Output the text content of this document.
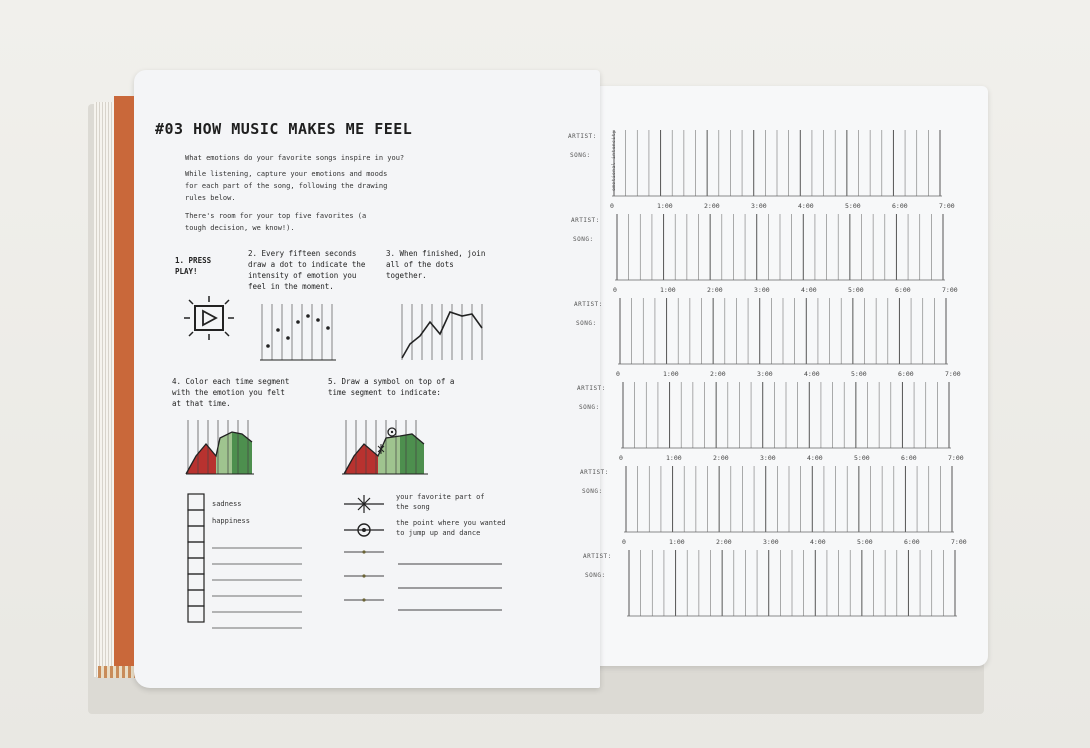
#03 HOW MUSIC MAKES ME FEEL
What emotions do your favorite songs inspire in you?
While listening, capture your emotions and moods for each part of the song, following the drawing rules below.
There's room for your top five favorites (a tough decision, we know!).
1. PRESS PLAY!
2. Every fifteen seconds draw a dot to indicate the intensity of emotion you feel in the moment.
3. When finished, join all of the dots together.
4. Color each time segment with the emotion you felt at that time.
5. Draw a symbol on top of a time segment to indicate:
sadness
happiness
your favorite part of the song
the point where you wanted to jump up and dance
ARTIST:
SONG:	emotional intensity
0	1:00	2:00	3:00	4:00	5:00	6:00	7:00
ARTIST:
SONG:
0	1:00	2:00	3:00	4:00	5:00	6:00	7:00
ARTIST:
SONG:
0	1:00	2:00	3:00	4:00	5:00	6:00	7:00
ARTIST:
SONG:
0	1:00	2:00	3:00	4:00	5:00	6:00	7:00
ARTIST:
SONG:
0	1:00	2:00	3:00	4:00	5:00	6:00	7:00
ARTIST:
SONG:
